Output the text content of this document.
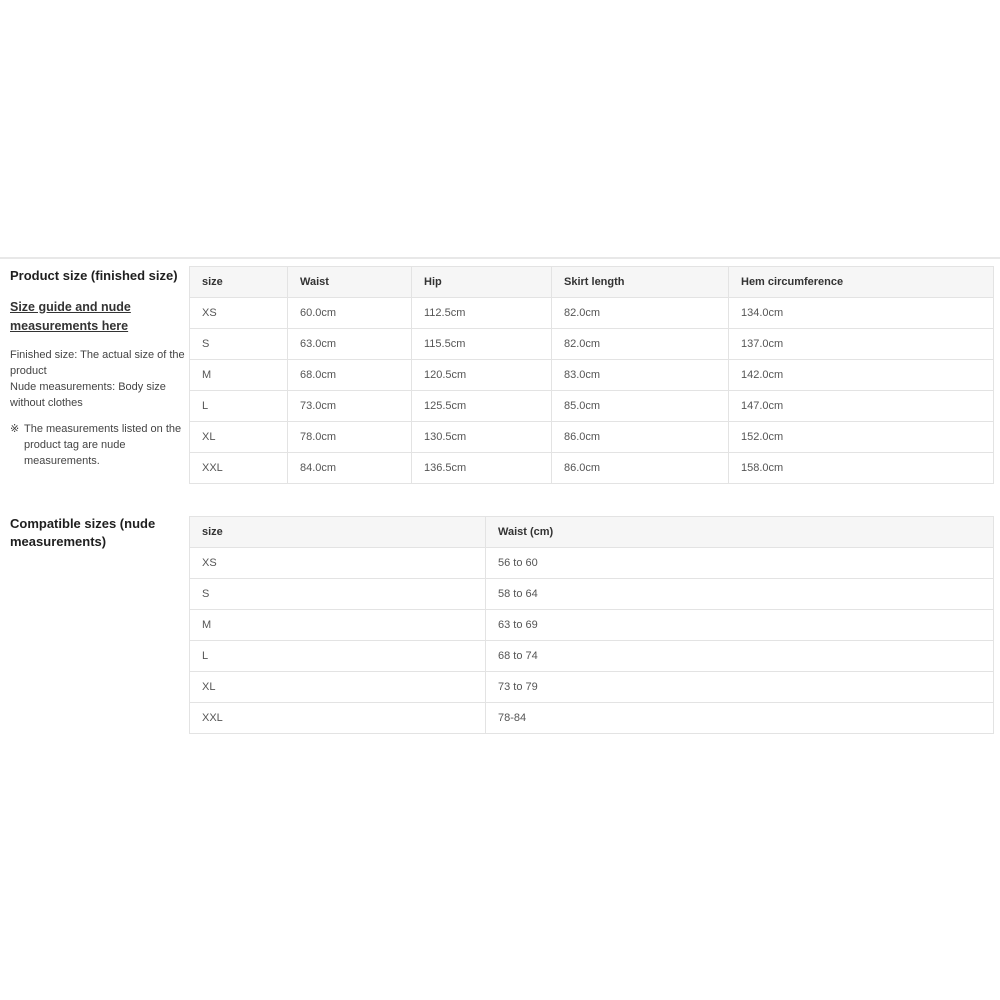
Product size (finished size)
Size guide and nude measurements here
Finished size: The actual size of the product
Nude measurements: Body size without clothes
※ The measurements listed on the product tag are nude measurements.
size	Waist	Hip	Skirt length	Hem circumference
XS	60.0cm	112.5cm	82.0cm	134.0cm
S	63.0cm	115.5cm	82.0cm	137.0cm
M	68.0cm	120.5cm	83.0cm	142.0cm
L	73.0cm	125.5cm	85.0cm	147.0cm
XL	78.0cm	130.5cm	86.0cm	152.0cm
XXL	84.0cm	136.5cm	86.0cm	158.0cm
Compatible sizes (nude measurements)
size	Waist (cm)
XS	56 to 60
S	58 to 64
M	63 to 69
L	68 to 74
XL	73 to 79
XXL	78-84
